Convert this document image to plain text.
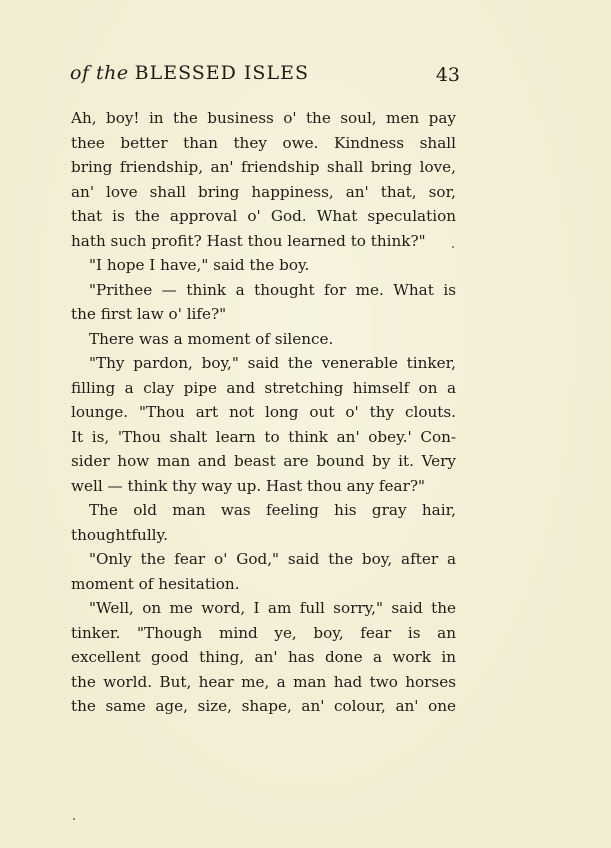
of the BLESSED ISLES	43
Ah, boy! in the business o' the soul, men pay
thee better than they owe. Kindness shall
bring friendship, an' friendship shall bring love,
an' love shall bring happiness, an' that, sor,
that is the approval o' God. What speculation
hath such profit? Hast thou learned to think?"
"I hope I have," said the boy.
"Prithee — think a thought for me. What is
the first law o' life?"
There was a moment of silence.
"Thy pardon, boy," said the venerable tinker,
filling a clay pipe and stretching himself on a
lounge. "Thou art not long out o' thy clouts.
It is, 'Thou shalt learn to think an' obey.' Con-
sider how man and beast are bound by it. Very
well — think thy way up. Hast thou any fear?"
The old man was feeling his gray hair,
thoughtfully.
"Only the fear o' God," said the boy, after a
moment of hesitation.
"Well, on me word, I am full sorry," said the
tinker. "Though mind ye, boy, fear is an
excellent good thing, an' has done a work in
the world. But, hear me, a man had two horses
the same age, size, shape, an' colour, an' one
